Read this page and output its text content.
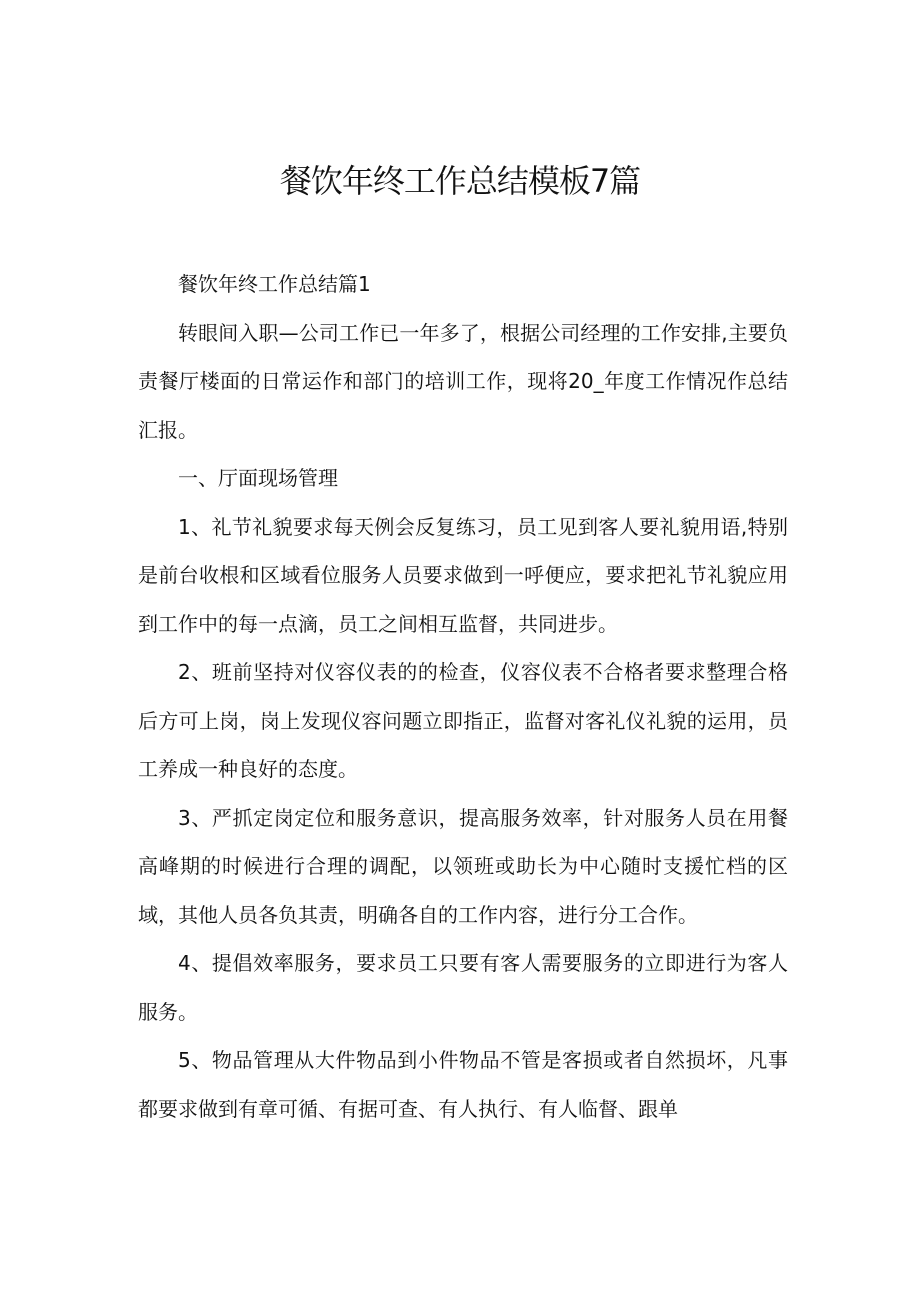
餐饮年终工作总结模板7篇

餐饮年终工作总结篇1

转眼间入职—公司工作已一年多了，根据公司经理的工作安排,主要负责餐厅楼面的日常运作和部门的培训工作，现将20_年度工作情况作总结汇报。

一、厅面现场管理

1、礼节礼貌要求每天例会反复练习，员工见到客人要礼貌用语,特别是前台收根和区域看位服务人员要求做到一呼便应，要求把礼节礼貌应用到工作中的每一点滴，员工之间相互监督，共同进步。

2、班前坚持对仪容仪表的的检查，仪容仪表不合格者要求整理合格后方可上岗，岗上发现仪容问题立即指正，监督对客礼仪礼貌的运用，员工养成一种良好的态度。

3、严抓定岗定位和服务意识，提高服务效率，针对服务人员在用餐高峰期的时候进行合理的调配，以领班或助长为中心随时支援忙档的区域，其他人员各负其责，明确各自的工作内容，进行分工合作。

4、提倡效率服务，要求员工只要有客人需要服务的立即进行为客人服务。

5、物品管理从大件物品到小件物品不管是客损或者自然损坏，凡事都要求做到有章可循、有据可查、有人执行、有人临督、跟单
